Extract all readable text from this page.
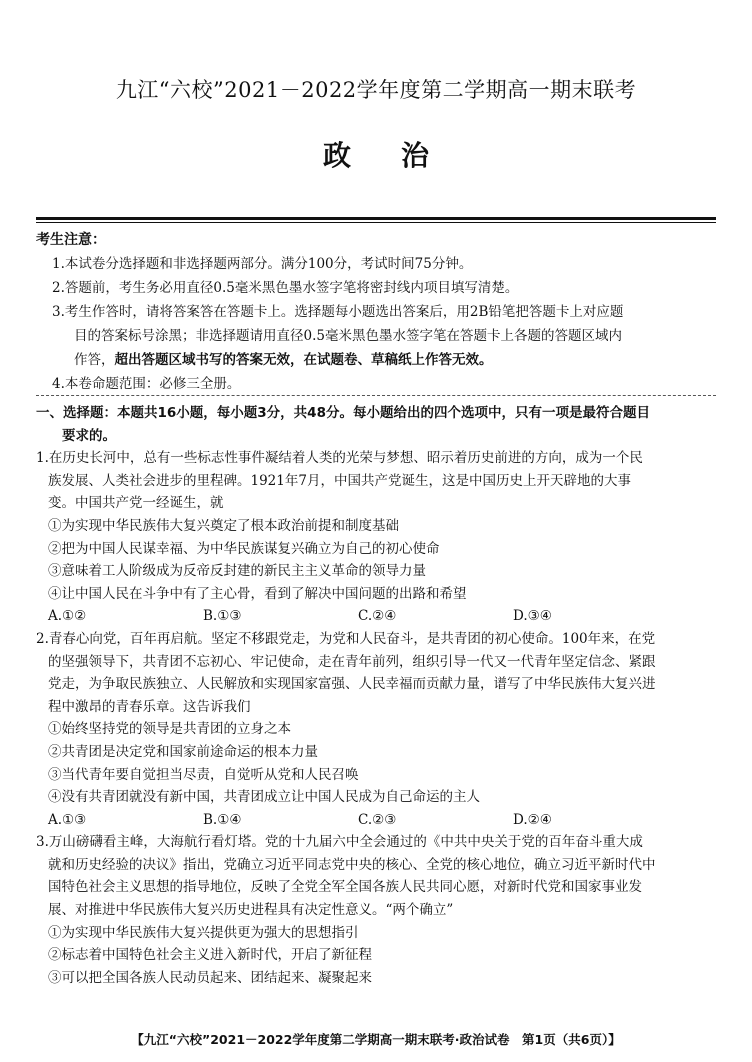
九江“六校”2021－2022学年度第二学期高一期末联考
政治
考生注意：
1.本试卷分选择题和非选择题两部分。满分100分，考试时间75分钟。
2.答题前，考生务必用直径0.5毫米黑色墨水签字笔将密封线内项目填写清楚。
3.考生作答时，请将答案答在答题卡上。选择题每小题选出答案后，用2B铅笔把答题卡上对应题
目的答案标号涂黑；非选择题请用直径0.5毫米黑色墨水签字笔在答题卡上各题的答题区域内
作答，超出答题区域书写的答案无效，在试题卷、草稿纸上作答无效。
4.本卷命题范围：必修三全册。
一、选择题：本题共16小题，每小题3分，共48分。每小题给出的四个选项中，只有一项是最符合题目
要求的。
1.在历史长河中，总有一些标志性事件凝结着人类的光荣与梦想、昭示着历史前进的方向，成为一个民
族发展、人类社会进步的里程碑。1921年7月，中国共产党诞生，这是中国历史上开天辟地的大事
变。中国共产党一经诞生，就
①为实现中华民族伟大复兴奠定了根本政治前提和制度基础
②把为中国人民谋幸福、为中华民族谋复兴确立为自己的初心使命
③意味着工人阶级成为反帝反封建的新民主主义革命的领导力量
④让中国人民在斗争中有了主心骨，看到了解决中国问题的出路和希望
A.①②	B.①③	C.②④	D.③④
2.青春心向党，百年再启航。坚定不移跟党走，为党和人民奋斗，是共青团的初心使命。100年来，在党
的坚强领导下，共青团不忘初心、牢记使命，走在青年前列，组织引导一代又一代青年坚定信念、紧跟
党走，为争取民族独立、人民解放和实现国家富强、人民幸福而贡献力量，谱写了中华民族伟大复兴进
程中激昂的青春乐章。这告诉我们
①始终坚持党的领导是共青团的立身之本
②共青团是决定党和国家前途命运的根本力量
③当代青年要自觉担当尽责，自觉听从党和人民召唤
④没有共青团就没有新中国，共青团成立让中国人民成为自己命运的主人
A.①③	B.①④	C.②③	D.②④
3.万山磅礴看主峰，大海航行看灯塔。党的十九届六中全会通过的《中共中央关于党的百年奋斗重大成
就和历史经验的决议》指出，党确立习近平同志党中央的核心、全党的核心地位，确立习近平新时代中
国特色社会主义思想的指导地位，反映了全党全军全国各族人民共同心愿，对新时代党和国家事业发
展、对推进中华民族伟大复兴历史进程具有决定性意义。“两个确立”
①为实现中华民族伟大复兴提供更为强大的思想指引
②标志着中国特色社会主义进入新时代，开启了新征程
③可以把全国各族人民动员起来、团结起来、凝聚起来
【九江“六校”2021－2022学年度第二学期高一期末联考·政治试卷　第1页（共6页）】
